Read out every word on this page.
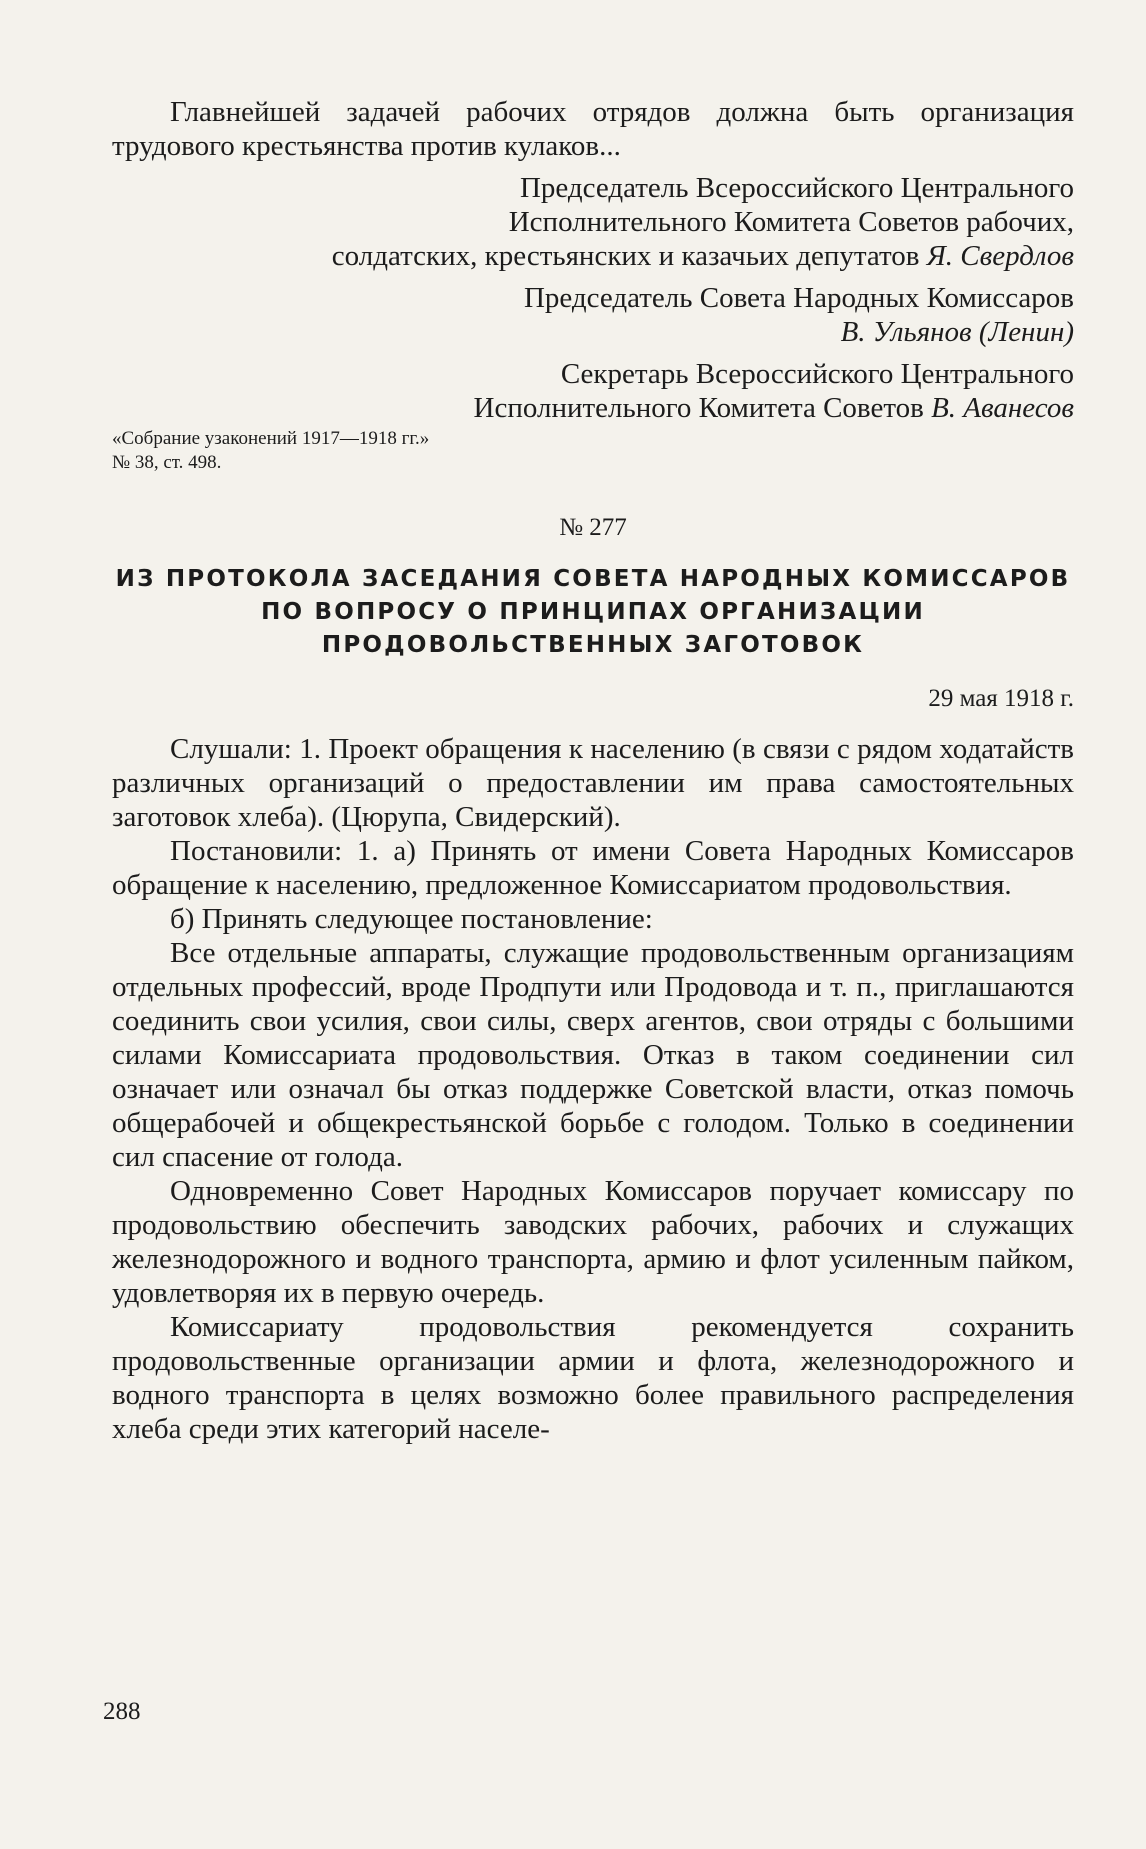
Главнейшей задачей рабочих отрядов должна быть организация трудового крестьянства против кулаков...

Председатель Всероссийского Центрального
Исполнительного Комитета Советов рабочих,
солдатских, крестьянских и казачьих депутатов Я. Свердлов

Председатель Совета Народных Комиссаров
В. Ульянов (Ленин)

Секретарь Всероссийского Центрального
Исполнительного Комитета Советов В. Аванесов

«Собрание узаконений 1917—1918 гг.»
№ 38, ст. 498.

№ 277

ИЗ ПРОТОКОЛА ЗАСЕДАНИЯ СОВЕТА НАРОДНЫХ КОМИССАРОВ
ПО ВОПРОСУ О ПРИНЦИПАХ ОРГАНИЗАЦИИ
ПРОДОВОЛЬСТВЕННЫХ ЗАГОТОВОК

29 мая 1918 г.

Слушали: 1. Проект обращения к населению (в связи с рядом ходатайств различных организаций о предоставлении им права самостоятельных заготовок хлеба). (Цюрупа, Свидерский).

Постановили: 1. а) Принять от имени Совета Народных Комиссаров обращение к населению, предложенное Комиссариатом продовольствия.

б) Принять следующее постановление:

Все отдельные аппараты, служащие продовольственным организациям отдельных профессий, вроде Продпути или Продовода и т. п., приглашаются соединить свои усилия, свои силы, сверх агентов, свои отряды с большими силами Комиссариата продовольствия. Отказ в таком соединении сил означает или означал бы отказ поддержке Советской власти, отказ помочь общерабочей и общекрестьянской борьбе с голодом. Только в соединении сил спасение от голода.

Одновременно Совет Народных Комиссаров поручает комиссару по продовольствию обеспечить заводских рабочих, рабочих и служащих железнодорожного и водного транспорта, армию и флот усиленным пайком, удовлетворяя их в первую очередь.

Комиссариату продовольствия рекомендуется сохранить продовольственные организации армии и флота, железнодорожного и водного транспорта в целях возможно более правильного распределения хлеба среди этих категорий населе-

288
